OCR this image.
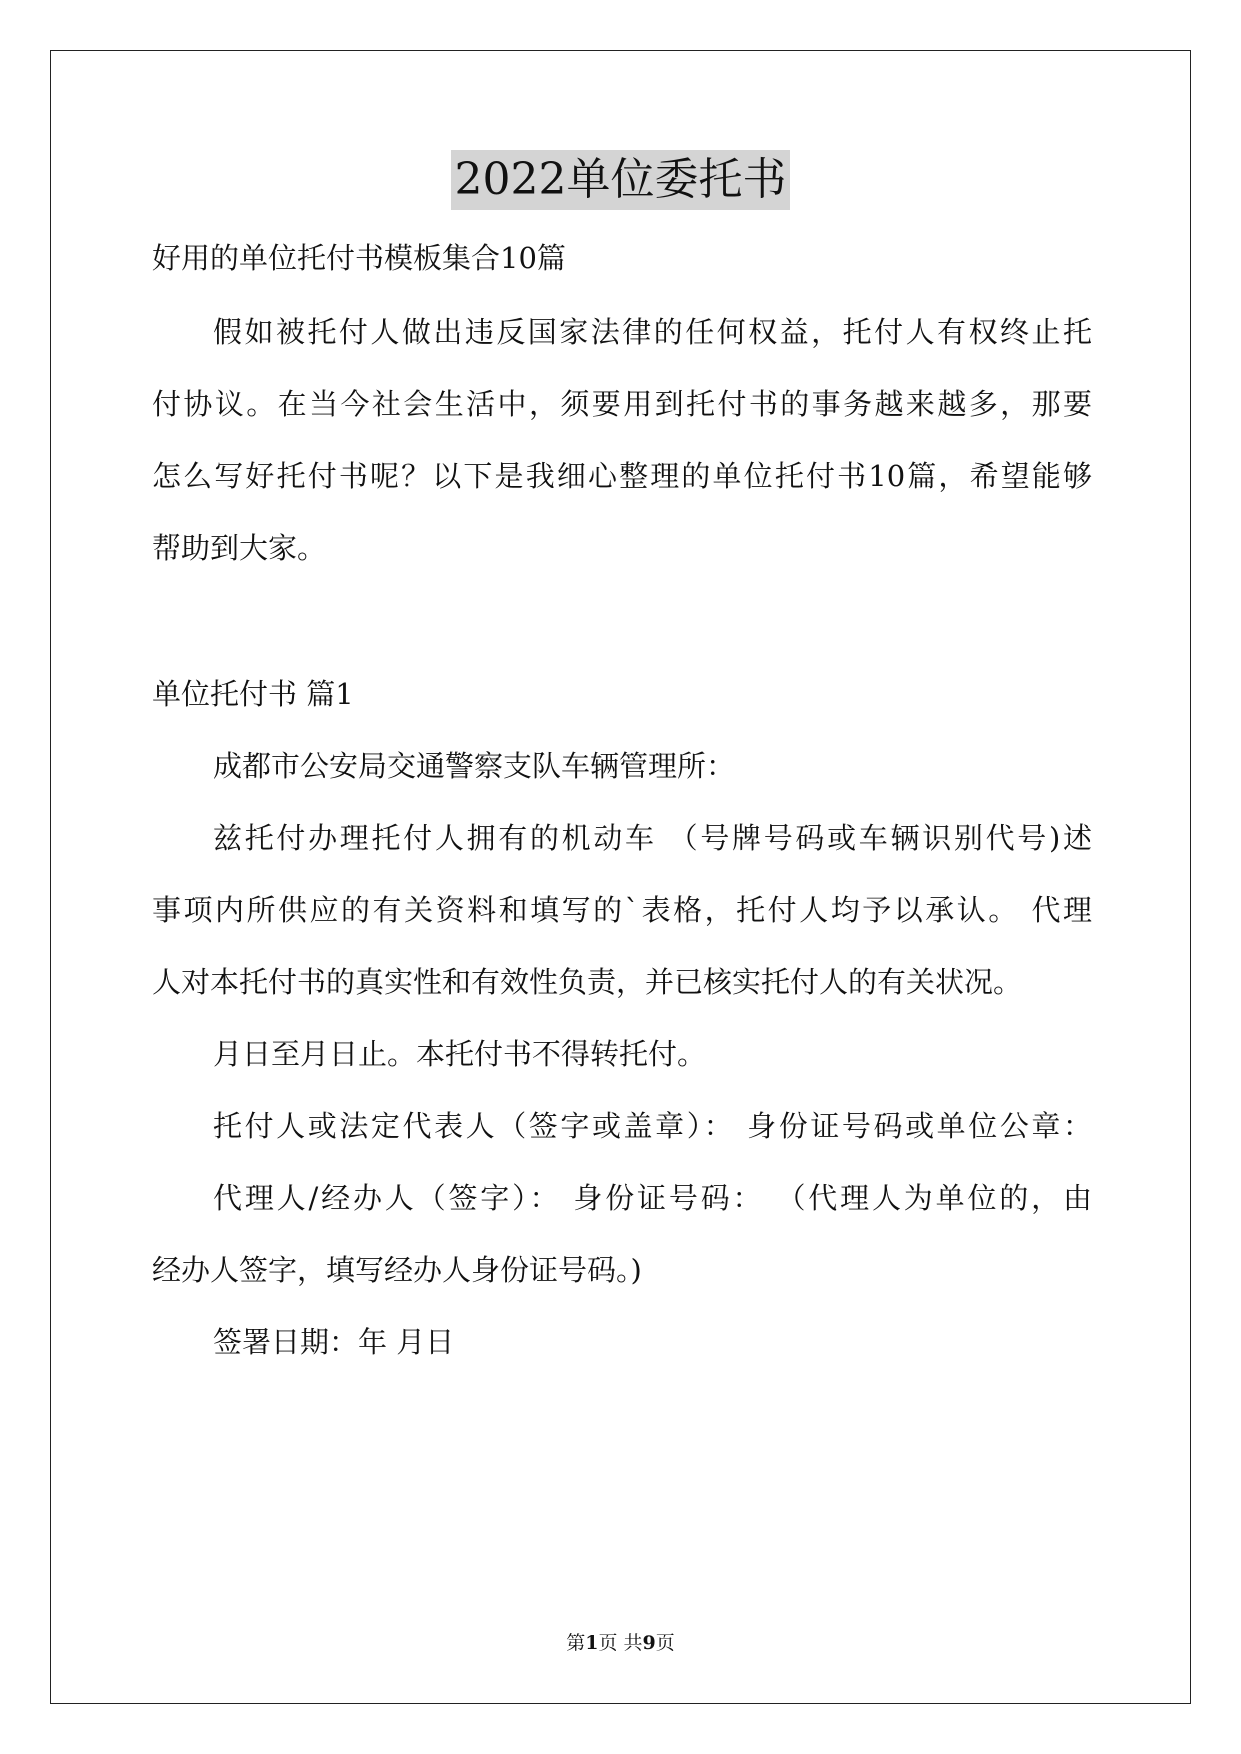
2022单位委托书
好用的单位托付书模板集合10篇
假如被托付人做出违反国家法律的任何权益，托付人有权终止托
付协议。在当今社会生活中，须要用到托付书的事务越来越多，那要
怎么写好托付书呢？以下是我细心整理的单位托付书10篇，希望能够
帮助到大家。
单位托付书 篇1
成都市公安局交通警察支队车辆管理所：
兹托付办理托付人拥有的机动车 （号牌号码或车辆识别代号)述
事项内所供应的有关资料和填写的`表格，托付人均予以承认。 代理
人对本托付书的真实性和有效性负责，并已核实托付人的有关状况。
月日至月日止。本托付书不得转托付。
托付人或法定代表人（签字或盖章）： 身份证号码或单位公章：
代理人/经办人（签字）： 身份证号码： （代理人为单位的，由
经办人签字，填写经办人身份证号码。)
签署日期：年 月日
第1页 共9页
